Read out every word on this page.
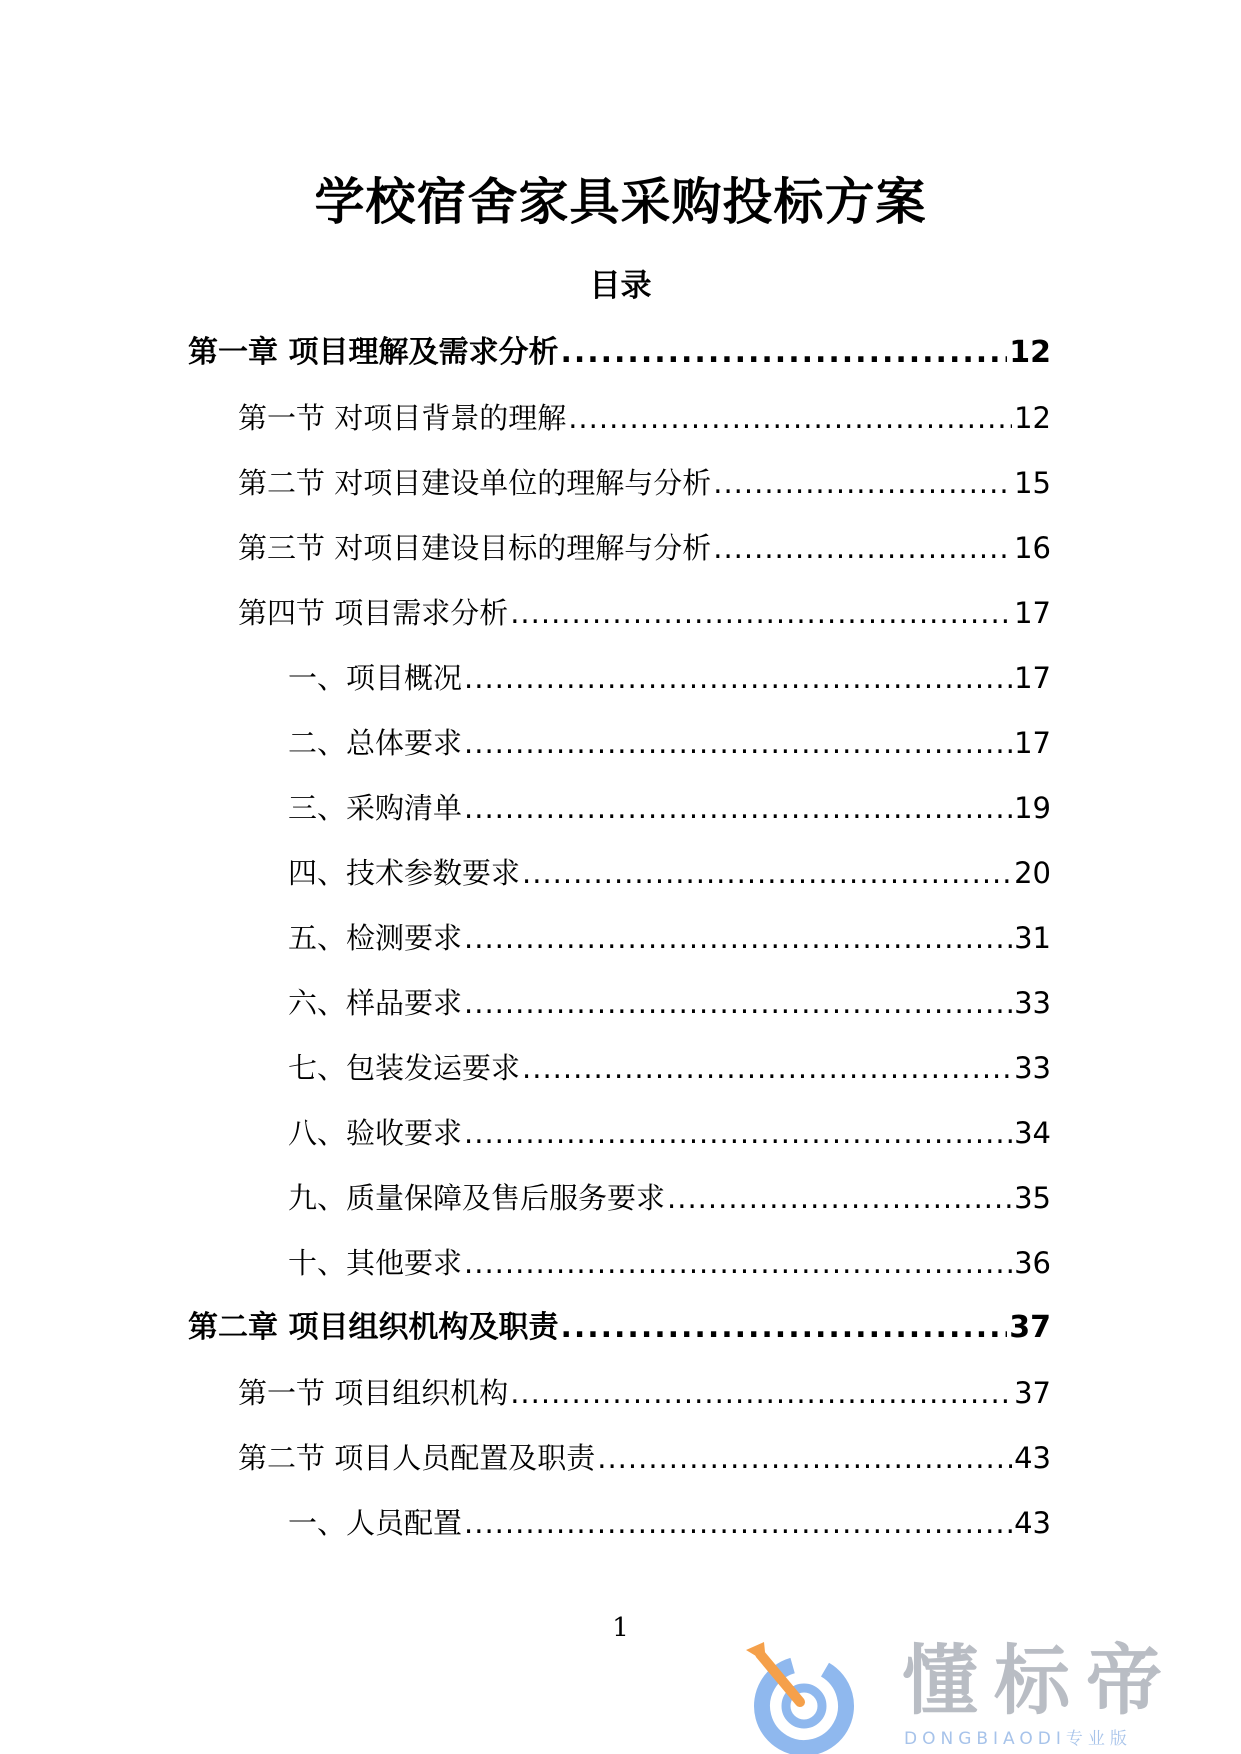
学校宿舍家具采购投标方案
目录
第一章 项目理解及需求分析 .....	12
第一节 对项目背景的理解 .....	12
第二节 对项目建设单位的理解与分析 .....	15
第三节 对项目建设目标的理解与分析 .....	16
第四节 项目需求分析 .....	17
一、项目概况 .....	17
二、总体要求 .....	17
三、采购清单 .....	19
四、技术参数要求 .....	20
五、检测要求 .....	31
六、样品要求 .....	33
七、包装发运要求 .....	33
八、验收要求 .....	34
九、质量保障及售后服务要求 .....	35
十、其他要求 .....	36
第二章 项目组织机构及职责 .....	37
第一节 项目组织机构 .....	37
第二节 项目人员配置及职责 .....	43
一、人员配置 .....	43
1
懂标帝
DONGBIAODI专业版
